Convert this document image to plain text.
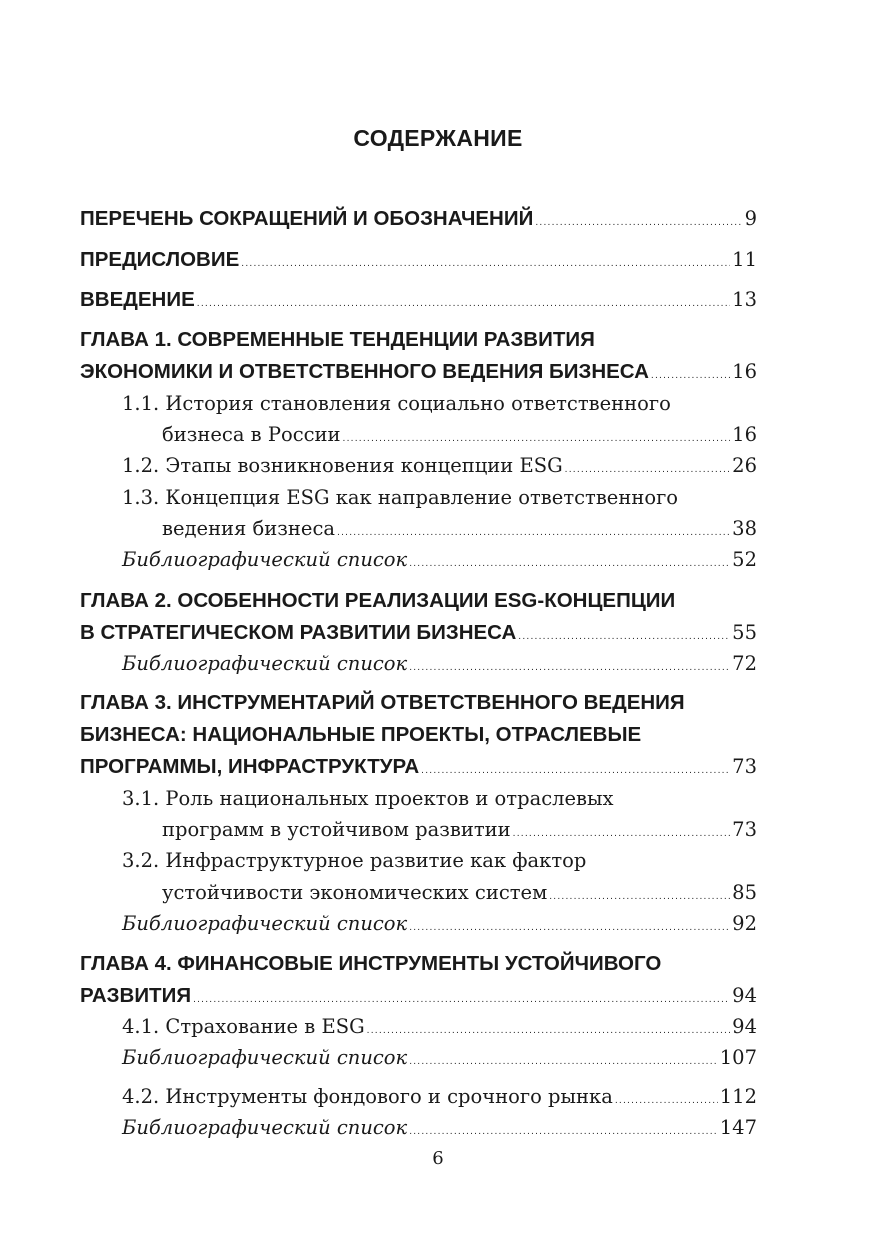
СОДЕРЖАНИЕ
ПЕРЕЧЕНЬ СОКРАЩЕНИЙ И ОБОЗНАЧЕНИЙ .....	9
ПРЕДИСЛОВИЕ .....	11
ВВЕДЕНИЕ .....	13
ГЛАВА 1. СОВРЕМЕННЫЕ ТЕНДЕНЦИИ РАЗВИТИЯ
ЭКОНОМИКИ И ОТВЕТСТВЕННОГО ВЕДЕНИЯ БИЗНЕСА .....	16
1.1. История становления социально ответственного
бизнеса в России .....	16
1.2. Этапы возникновения концепции ESG .....	26
1.3. Концепция ESG как направление ответственного
ведения бизнеса .....	38
Библиографический список .....	52
ГЛАВА 2. ОСОБЕННОСТИ РЕАЛИЗАЦИИ ESG-КОНЦЕПЦИИ
В СТРАТЕГИЧЕСКОМ РАЗВИТИИ БИЗНЕСА .....	55
Библиографический список .....	72
ГЛАВА 3. ИНСТРУМЕНТАРИЙ ОТВЕТСТВЕННОГО ВЕДЕНИЯ
БИЗНЕСА: НАЦИОНАЛЬНЫЕ ПРОЕКТЫ, ОТРАСЛЕВЫЕ
ПРОГРАММЫ, ИНФРАСТРУКТУРА .....	73
3.1. Роль национальных проектов и отраслевых
программ в устойчивом развитии .....	73
3.2. Инфраструктурное развитие как фактор
устойчивости экономических систем .....	85
Библиографический список .....	92
ГЛАВА 4. ФИНАНСОВЫЕ ИНСТРУМЕНТЫ УСТОЙЧИВОГО
РАЗВИТИЯ .....	94
4.1. Страхование в ESG .....	94
Библиографический список .....	107
4.2. Инструменты фондового и срочного рынка .....	112
Библиографический список .....	147
6
